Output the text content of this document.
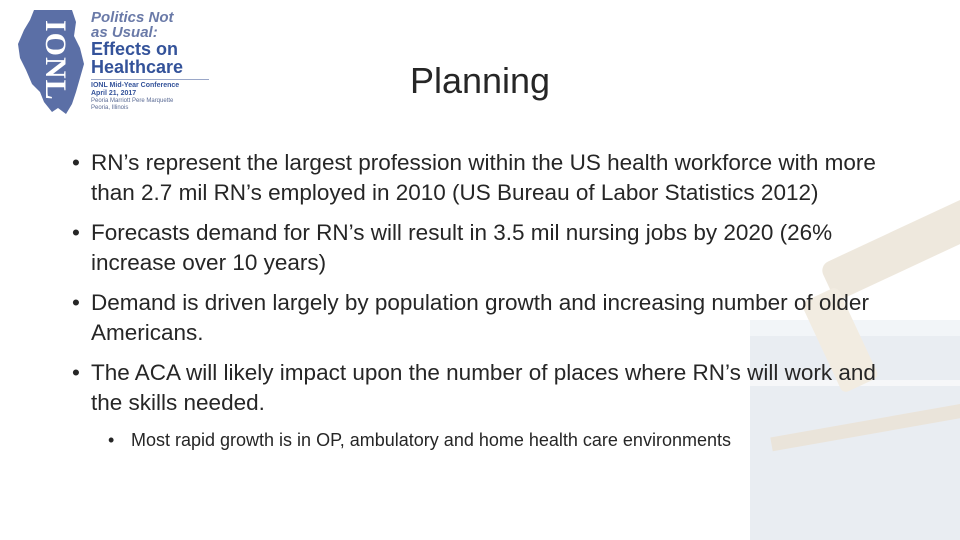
IONL
Politics Not
as Usual:
Effects on
Healthcare
IONL Mid-Year Conference
April 21, 2017
Peoria Marriott Pere Marquette
Peoria, Illinois
Planning
• RN’s represent the largest profession within the US health workforce with more than 2.7 mil RN’s employed in 2010 (US Bureau of Labor Statistics 2012)
• Forecasts demand for RN’s will result in 3.5 mil nursing jobs by 2020 (26% increase over 10 years)
• Demand is driven largely by population growth and increasing number of older Americans.
• The ACA will likely impact upon the number of places where RN’s will work and the skills needed.
• Most rapid growth is in OP, ambulatory and home health care environments
